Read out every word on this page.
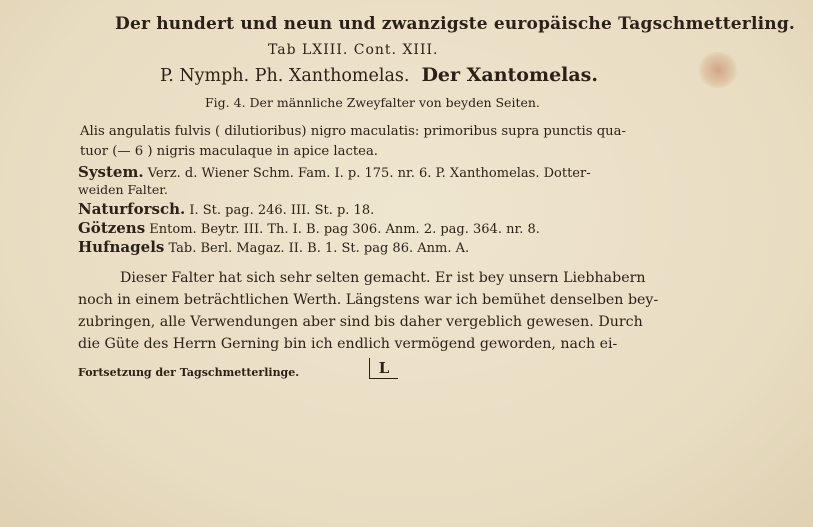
Der hundert und neun und zwanzigste europäische Tagschmetterling.
Tab LXIII. Cont. XIII.
P. Nymph. Ph. Xanthomelas. Der Xantomelas.
Fig. 4. Der männliche Zweyfalter von beyden Seiten.
Alis angulatis fulvis ( dilutioribus) nigro maculatis: primoribus supra punctis qua-
tuor (— 6 ) nigris maculaque in apice lactea.
System. Verz. d. Wiener Schm. Fam. I. p. 175. nr. 6. P. Xanthomelas. Dotter-
weiden Falter.
Naturforsch. I. St. pag. 246. III. St. p. 18.
Götzens Entom. Beytr. III. Th. I. B. pag 306. Anm. 2. pag. 364. nr. 8.
Hufnagels Tab. Berl. Magaz. II. B. 1. St. pag 86. Anm. A.
Dieser Falter hat sich sehr selten gemacht. Er ist bey unsern Liebhabern
noch in einem beträchtlichen Werth. Längstens war ich bemühet denselben bey-
zubringen, alle Verwendungen aber sind bis daher vergeblich gewesen. Durch
die Güte des Herrn Gerning bin ich endlich vermögend geworden, nach ei-
Fortsetzung der Tagschmetterlinge.	L
